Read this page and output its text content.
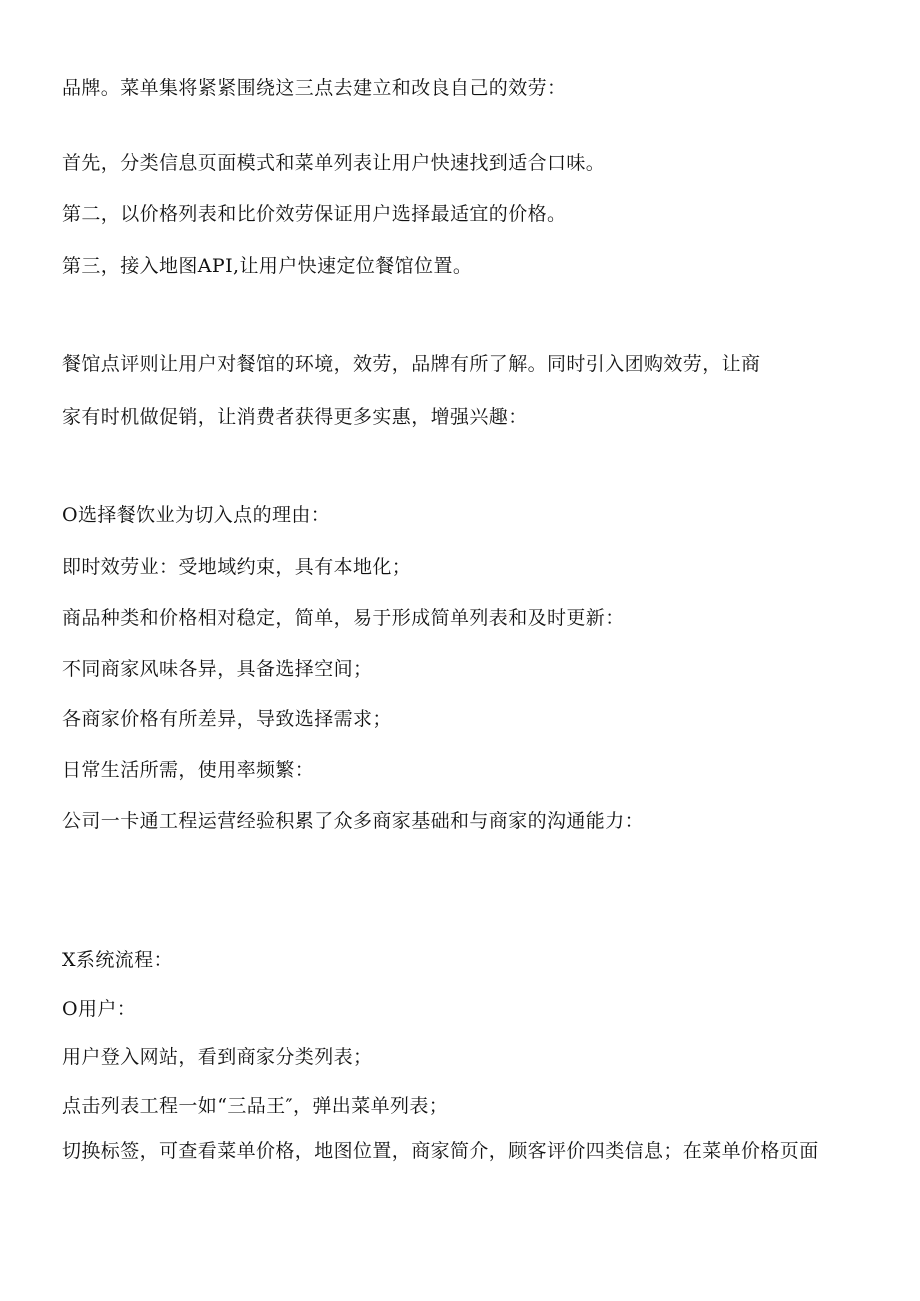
品牌。菜单集将紧紧围绕这三点去建立和改良自己的效劳：
首先，分类信息页面模式和菜单列表让用户快速找到适合口味。
第二，以价格列表和比价效劳保证用户选择最适宜的价格。
第三，接入地图API,让用户快速定位餐馆位置。
餐馆点评则让用户对餐馆的环境，效劳，品牌有所了解。同时引入团购效劳，让商
家有时机做促销，让消费者获得更多实惠，增强兴趣：
O选择餐饮业为切入点的理由：
即时效劳业：受地域约束，具有本地化；
商品种类和价格相对稳定，简单，易于形成简单列表和及时更新：
不同商家风味各异，具备选择空间；
各商家价格有所差异，导致选择需求；
日常生活所需，使用率频繁：
公司一卡通工程运营经验积累了众多商家基础和与商家的沟通能力：
X系统流程：
O用户：
用户登入网站，看到商家分类列表；
点击列表工程一如“三品王″，弹出菜单列表；
切换标签，可查看菜单价格，地图位置，商家简介，顾客评价四类信息；在菜单价格页面
